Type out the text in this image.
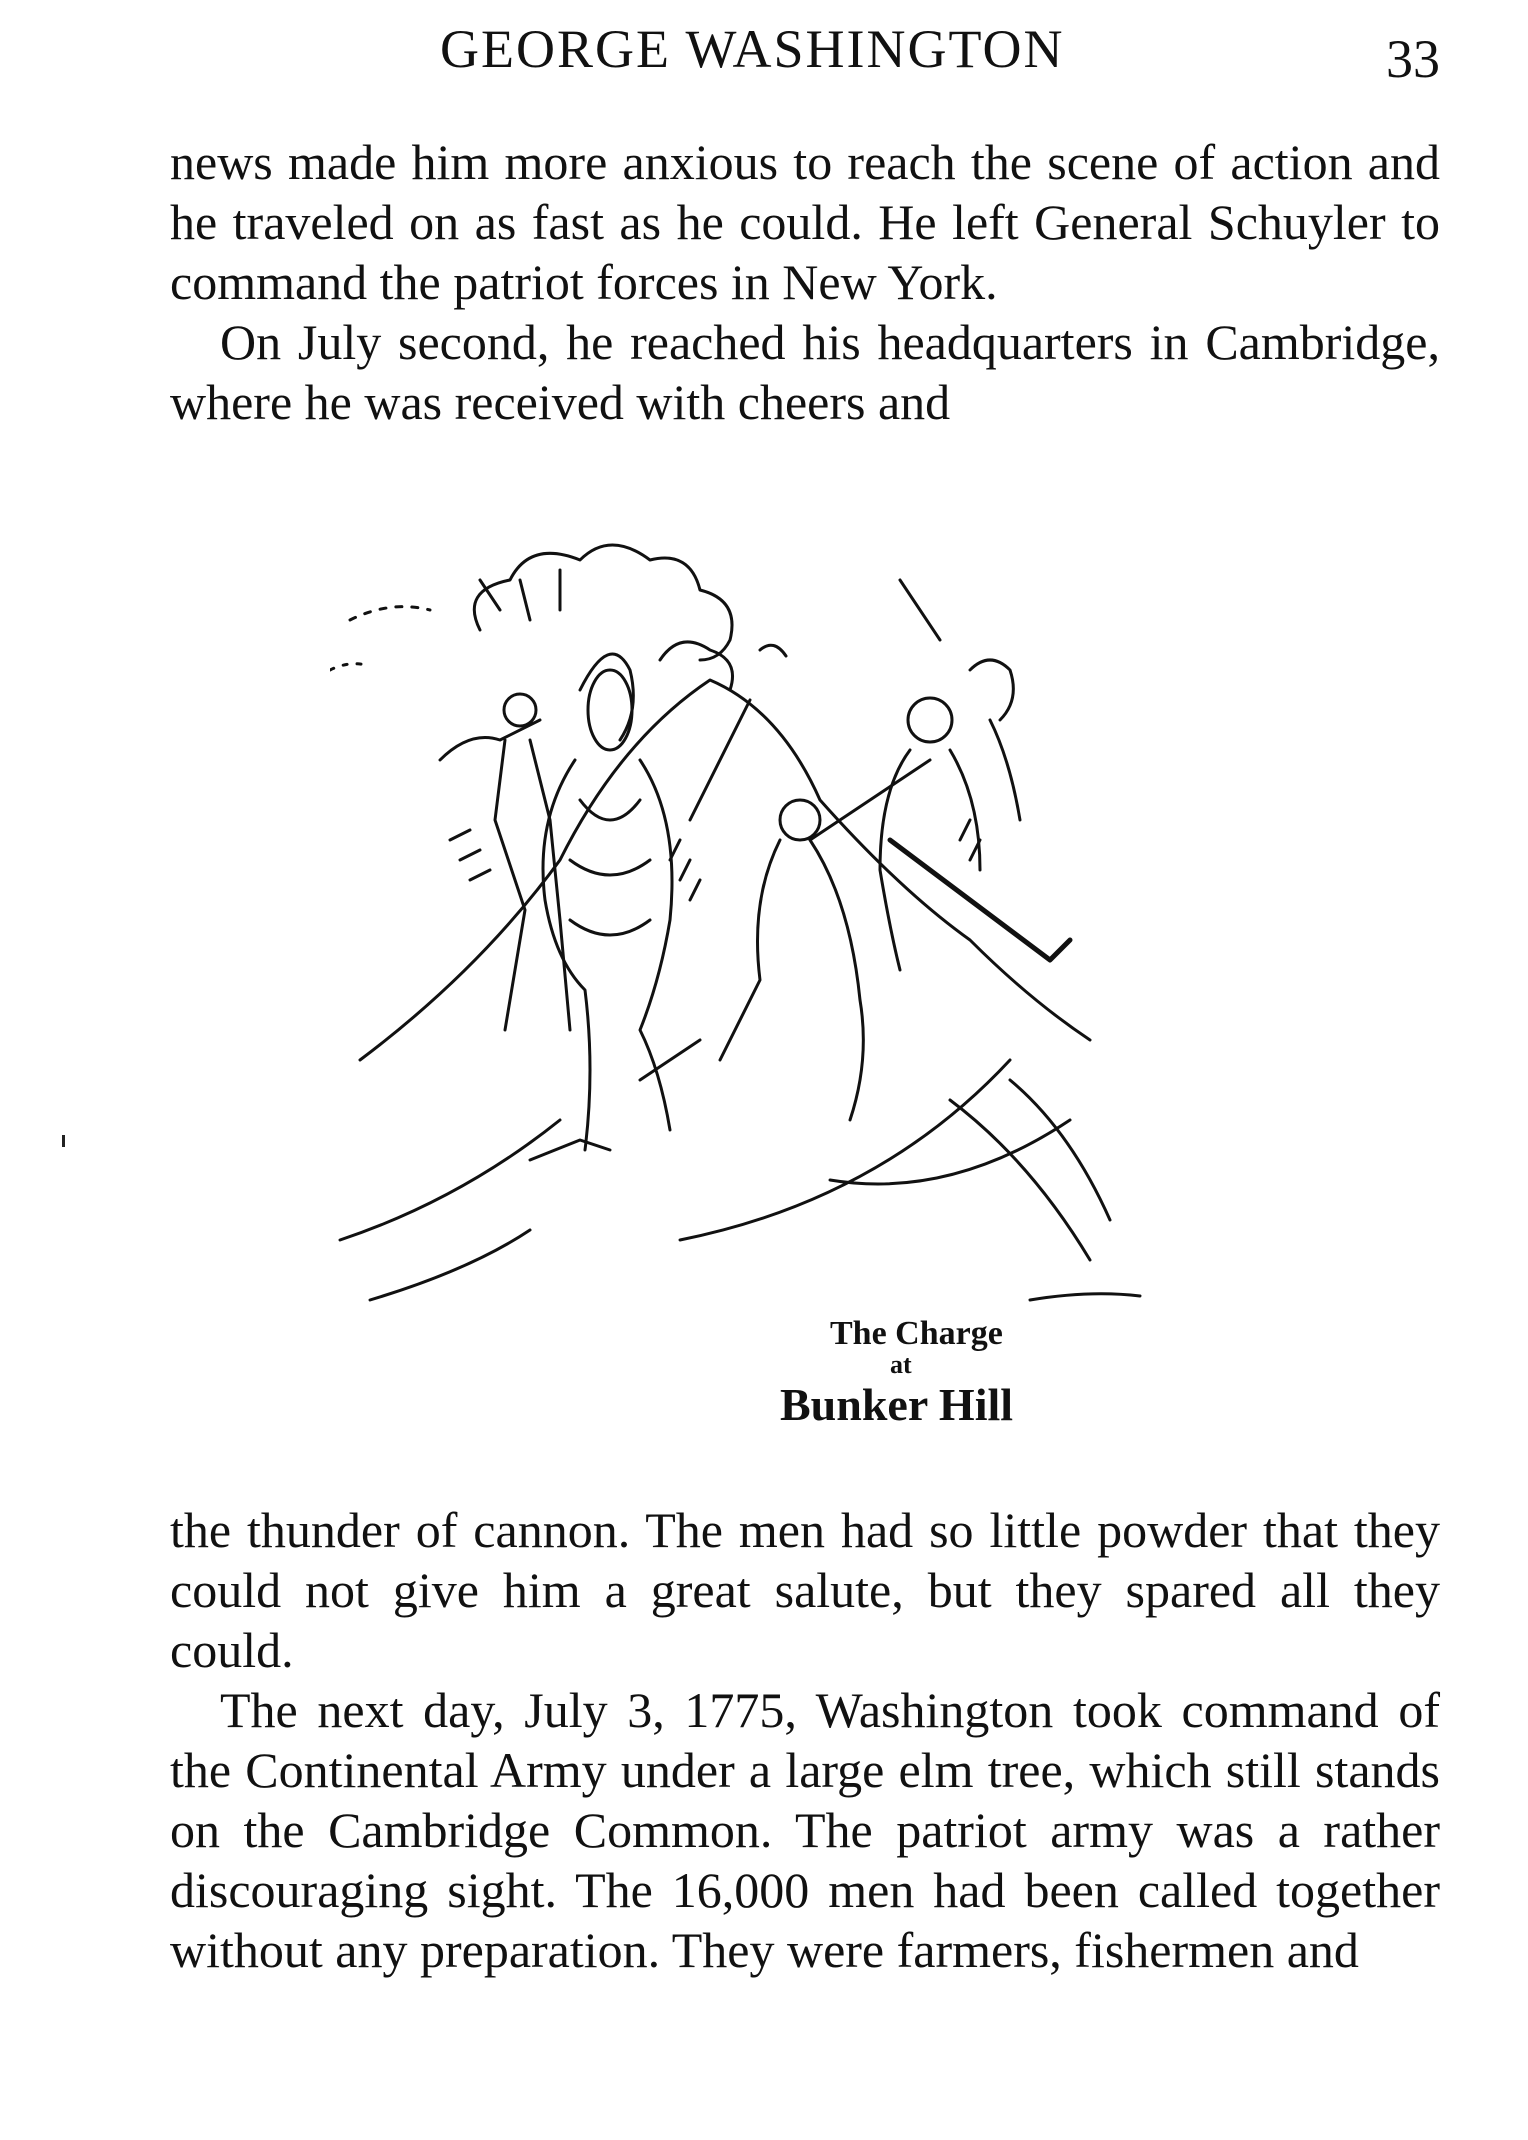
GEORGE WASHINGTON	33

news made him more anxious to reach the scene of action and he traveled on as fast as he could. He left General Schuyler to command the patriot forces in New York.

On July second, he reached his headquarters in Cambridge, where he was received with cheers and

The Charge
at
Bunker Hill

the thunder of cannon. The men had so little powder that they could not give him a great salute, but they spared all they could.

The next day, July 3, 1775, Washington took command of the Continental Army under a large elm tree, which still stands on the Cambridge Common. The patriot army was a rather discouraging sight. The 16,000 men had been called together without any preparation. They were farmers, fishermen and
